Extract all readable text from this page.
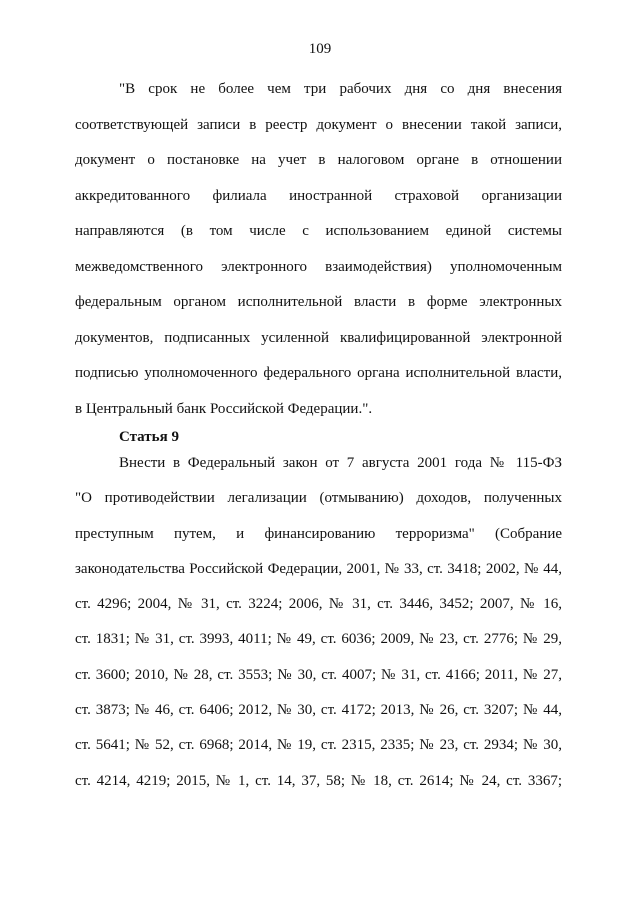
109
"В срок не более чем три рабочих дня со дня внесения
соответствующей записи в реестр документ о внесении такой записи,
документ о постановке на учет в налоговом органе в отношении
аккредитованного филиала иностранной страховой организации
направляются (в том числе с использованием единой системы
межведомственного электронного взаимодействия) уполномоченным
федеральным органом исполнительной власти в форме электронных
документов, подписанных усиленной квалифицированной электронной
подписью уполномоченного федерального органа исполнительной власти,
в Центральный банк Российской Федерации.".
Статья 9
Внести в Федеральный закон от 7 августа 2001 года № 115-ФЗ
"О противодействии легализации (отмыванию) доходов, полученных
преступным путем, и финансированию терроризма" (Собрание
законодательства Российской Федерации, 2001, № 33, ст. 3418; 2002, № 44,
ст. 4296; 2004, № 31, ст. 3224; 2006, № 31, ст. 3446, 3452; 2007, № 16,
ст. 1831; № 31, ст. 3993, 4011; № 49, ст. 6036; 2009, № 23, ст. 2776; № 29,
ст. 3600; 2010, № 28, ст. 3553; № 30, ст. 4007; № 31, ст. 4166; 2011, № 27,
ст. 3873; № 46, ст. 6406; 2012, № 30, ст. 4172; 2013, № 26, ст. 3207; № 44,
ст. 5641; № 52, ст. 6968; 2014, № 19, ст. 2315, 2335; № 23, ст. 2934; № 30,
ст. 4214, 4219; 2015, № 1, ст. 14, 37, 58; № 18, ст. 2614; № 24, ст. 3367;
